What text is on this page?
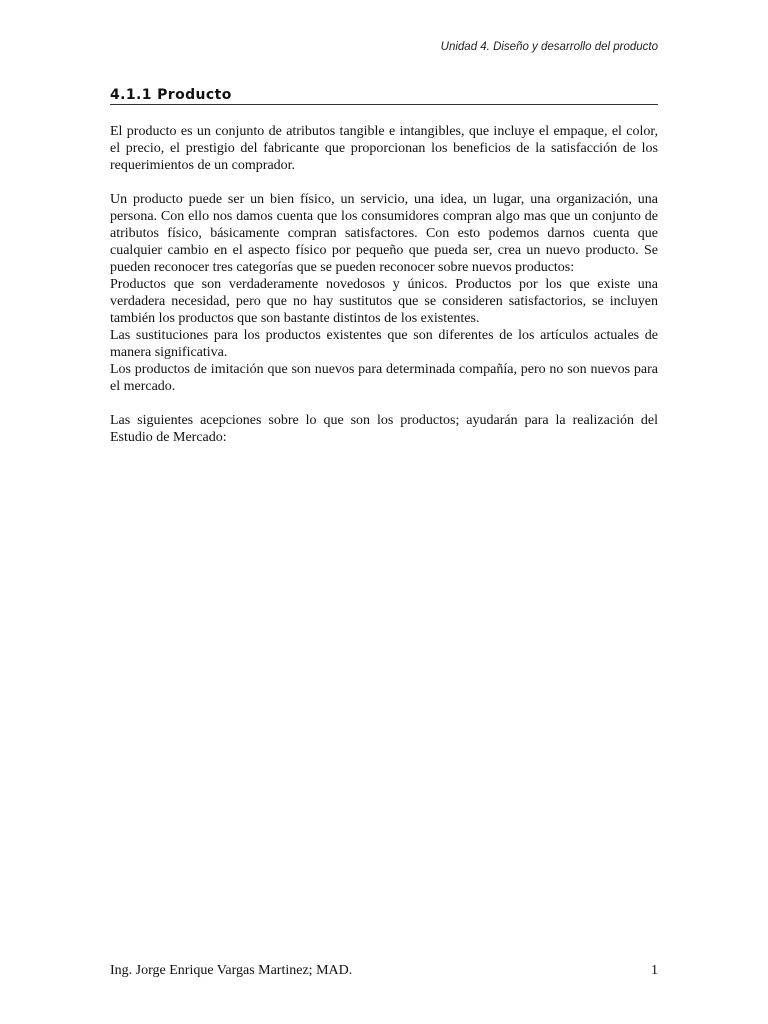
Unidad 4. Diseño y desarrollo del producto

4.1.1 Producto

El producto es un conjunto de atributos tangible e intangibles, que incluye el empaque, el color, el precio, el prestigio del fabricante que proporcionan los beneficios de la satisfacción de los requerimientos de un comprador.

Un producto puede ser un bien físico, un servicio, una idea, un lugar, una organización, una persona. Con ello nos damos cuenta que los consumidores compran algo mas que un conjunto de atributos físico, básicamente compran satisfactores. Con esto podemos darnos cuenta que cualquier cambio en el aspecto físico por pequeño que pueda ser, crea un nuevo producto. Se pueden reconocer tres categorías que se pueden reconocer sobre nuevos productos:

Productos que son verdaderamente novedosos y únicos. Productos por los que existe una verdadera necesidad, pero que no hay sustitutos que se consideren satisfactorios, se incluyen también los productos que son bastante distintos de los existentes.

Las sustituciones para los productos existentes que son diferentes de los artículos actuales de manera significativa.

Los productos de imitación que son nuevos para determinada compañía, pero no son nuevos para el mercado.

Las siguientes acepciones sobre lo que son los productos; ayudarán para la realización del Estudio de Mercado:

Ing. Jorge Enrique Vargas Martinez; MAD.	1
